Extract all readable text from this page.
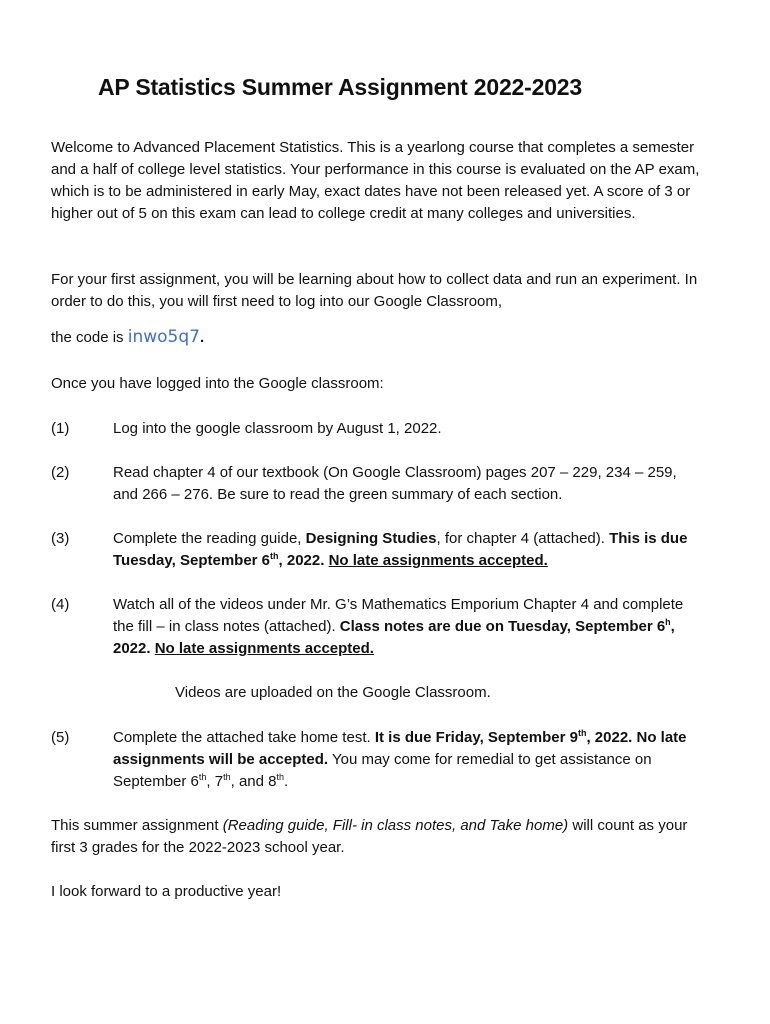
AP Statistics Summer Assignment 2022-2023
Welcome to Advanced Placement Statistics. This is a yearlong course that completes a semester and a half of college level statistics. Your performance in this course is evaluated on the AP exam, which is to be administered in early May, exact dates have not been released yet. A score of 3 or higher out of 5 on this exam can lead to college credit at many colleges and universities.
For your first assignment, you will be learning about how to collect data and run an experiment. In order to do this, you will first need to log into our Google Classroom,
the code is inwo5q7.
Once you have logged into the Google classroom:
(1)	Log into the google classroom by August 1, 2022.
(2)	Read chapter 4 of our textbook (On Google Classroom) pages 207 – 229, 234 – 259, and 266 – 276. Be sure to read the green summary of each section.
(3)	Complete the reading guide, Designing Studies, for chapter 4 (attached). This is due Tuesday, September 6th, 2022. No late assignments accepted.
(4)	Watch all of the videos under Mr. G’s Mathematics Emporium Chapter 4 and complete the fill – in class notes (attached). Class notes are due on Tuesday, September 6$^h$, 2022. No late assignments accepted.
Videos are uploaded on the Google Classroom.
(5)	Complete the attached take home test. It is due Friday, September 9th, 2022. No late assignments will be accepted. You may come for remedial to get assistance on September 6th, 7th, and 8th.
This summer assignment (Reading guide, Fill- in class notes, and Take home) will count as your first 3 grades for the 2022-2023 school year.
I look forward to a productive year!
